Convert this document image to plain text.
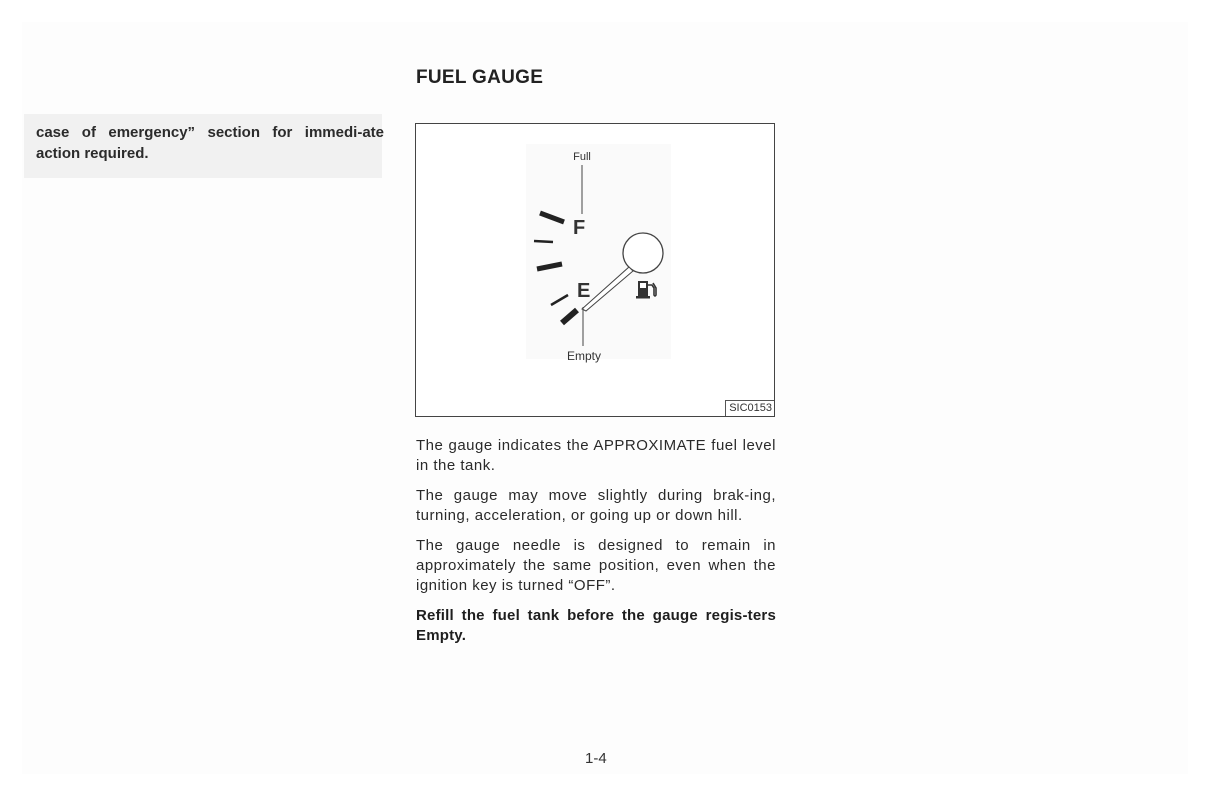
case of emergency” section for immedi-ate action required.
FUEL GAUGE
Full
F
E
Empty
SIC0153

The gauge indicates the APPROXIMATE fuel level in the tank.

The gauge may move slightly during brak-ing, turning, acceleration, or going up or down hill.

The gauge needle is designed to remain in approximately the same position, even when the ignition key is turned “OFF”.

Refill the fuel tank before the gauge regis-ters Empty.

1-4
